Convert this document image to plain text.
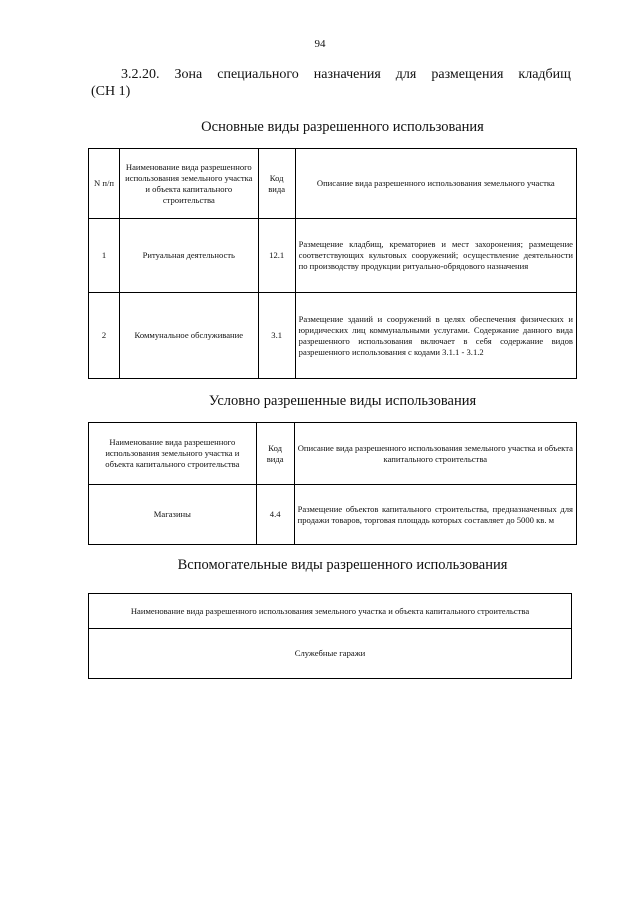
94
3.2.20. Зона специального назначения для размещения кладбищ
(СН 1)
Основные виды разрешенного использования
N п/п	Наименование вида разрешенного использования земельного участка и объекта капитального строительства	Код вида	Описание вида разрешенного использования земельного участка
1	Ритуальная деятельность	12.1	Размещение кладбищ, крематориев и мест захоронения; размещение соответствующих культовых сооружений; осуществление деятельности по производству продукции ритуально-обрядового назначения
2	Коммунальное обслуживание	3.1	Размещение зданий и сооружений в целях обеспечения физических и юридических лиц коммунальными услугами. Содержание данного вида разрешенного использования включает в себя содержание видов разрешенного использования с кодами 3.1.1 - 3.1.2
Условно разрешенные виды использования
Наименование вида разрешенного использования земельного участка и объекта капитального строительства	Код вида	Описание вида разрешенного использования земельного участка и объекта капитального строительства
Магазины	4.4	Размещение объектов капитального строительства, предназначенных для продажи товаров, торговая площадь которых составляет до 5000 кв. м
Вспомогательные виды разрешенного использования
Наименование вида разрешенного использования земельного участка и объекта капитального строительства
Служебные гаражи
